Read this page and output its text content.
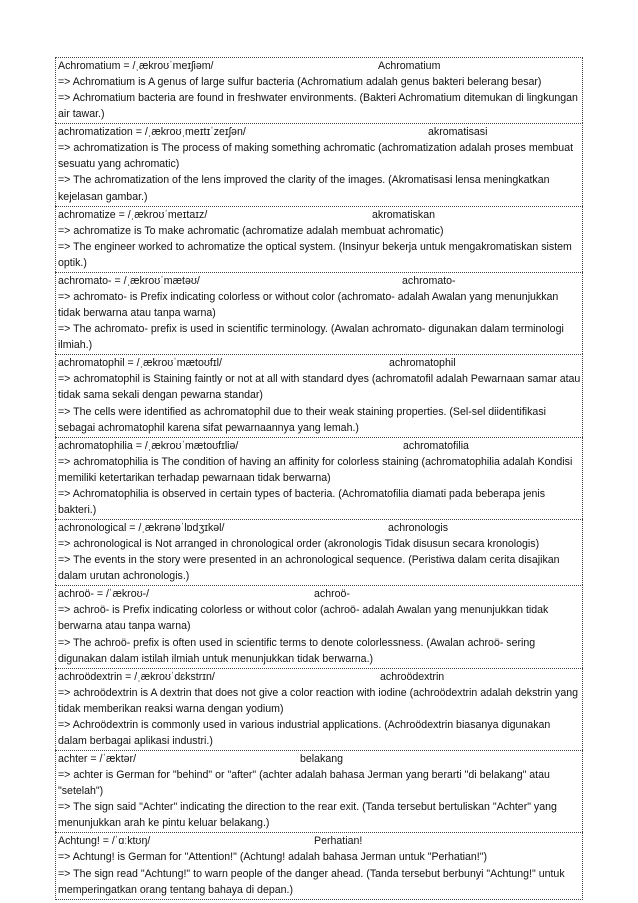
Achromatium = /ˌækroʊˈmeɪʃiəm/	Achromatium
=> Achromatium is A genus of large sulfur bacteria (Achromatium adalah genus bakteri belerang besar)
=> Achromatium bacteria are found in freshwater environments. (Bakteri Achromatium ditemukan di lingkungan air tawar.)
achromatization = /ˌækroʊˌmeɪtɪˈzeɪʃən/	akromatisasi
=> achromatization is The process of making something achromatic (achromatization adalah proses membuat sesuatu yang achromatic)
=> The achromatization of the lens improved the clarity of the images. (Akromatisasi lensa meningkatkan kejelasan gambar.)
achromatize = /ˌækroʊˈmeɪtaɪz/	akromatiskan
=> achromatize is To make achromatic (achromatize adalah membuat achromatic)
=> The engineer worked to achromatize the optical system. (Insinyur bekerja untuk mengakromatiskan sistem optik.)
achromato- = /ˌækroʊˈmætəʊ/	achromato-
=> achromato- is Prefix indicating colorless or without color (achromato- adalah Awalan yang menunjukkan tidak berwarna atau tanpa warna)
=> The achromato- prefix is used in scientific terminology. (Awalan achromato- digunakan dalam terminologi ilmiah.)
achromatophil = /ˌækroʊˈmætoʊfɪl/	achromatophil
=> achromatophil is Staining faintly or not at all with standard dyes (achromatofil adalah Pewarnaan samar atau tidak sama sekali dengan pewarna standar)
=> The cells were identified as achromatophil due to their weak staining properties. (Sel-sel diidentifikasi sebagai achromatophil karena sifat pewarnaannya yang lemah.)
achromatophilia = /ˌækroʊˈmætoʊfɪliə/	achromatofilia
=> achromatophilia is The condition of having an affinity for colorless staining (achromatophilia adalah Kondisi memiliki ketertarikan terhadap pewarnaan tidak berwarna)
=> Achromatophilia is observed in certain types of bacteria. (Achromatofilia diamati pada beberapa jenis bakteri.)
achronological = /ˌækrənəˈlɒdʒɪkəl/	achronologis
=> achronological is Not arranged in chronological order (akronologis Tidak disusun secara kronologis)
=> The events in the story were presented in an achronological sequence. (Peristiwa dalam cerita disajikan dalam urutan achronologis.)
achroö- = /ˈækroʊ-/	achroö-
=> achroö- is Prefix indicating colorless or without color (achroö- adalah Awalan yang menunjukkan tidak berwarna atau tanpa warna)
=> The achroö- prefix is often used in scientific terms to denote colorlessness. (Awalan achroö- sering digunakan dalam istilah ilmiah untuk menunjukkan tidak berwarna.)
achroödextrin = /ˌækroʊˈdɛkstrɪn/	achroödextrin
=> achroödextrin is A dextrin that does not give a color reaction with iodine (achroödextrin adalah dekstrin yang tidak memberikan reaksi warna dengan yodium)
=> Achroödextrin is commonly used in various industrial applications. (Achroödextrin biasanya digunakan dalam berbagai aplikasi industri.)
achter = /ˈæktər/	belakang
=> achter is German for "behind" or "after" (achter adalah bahasa Jerman yang berarti "di belakang" atau "setelah")
=> The sign said "Achter" indicating the direction to the rear exit. (Tanda tersebut bertuliskan "Achter" yang menunjukkan arah ke pintu keluar belakang.)
Achtung! = /ˈɑːktʊŋ/	Perhatian!
=> Achtung! is German for "Attention!" (Achtung! adalah bahasa Jerman untuk "Perhatian!")
=> The sign read "Achtung!" to warn people of the danger ahead. (Tanda tersebut berbunyi "Achtung!" untuk memperingatkan orang tentang bahaya di depan.)
